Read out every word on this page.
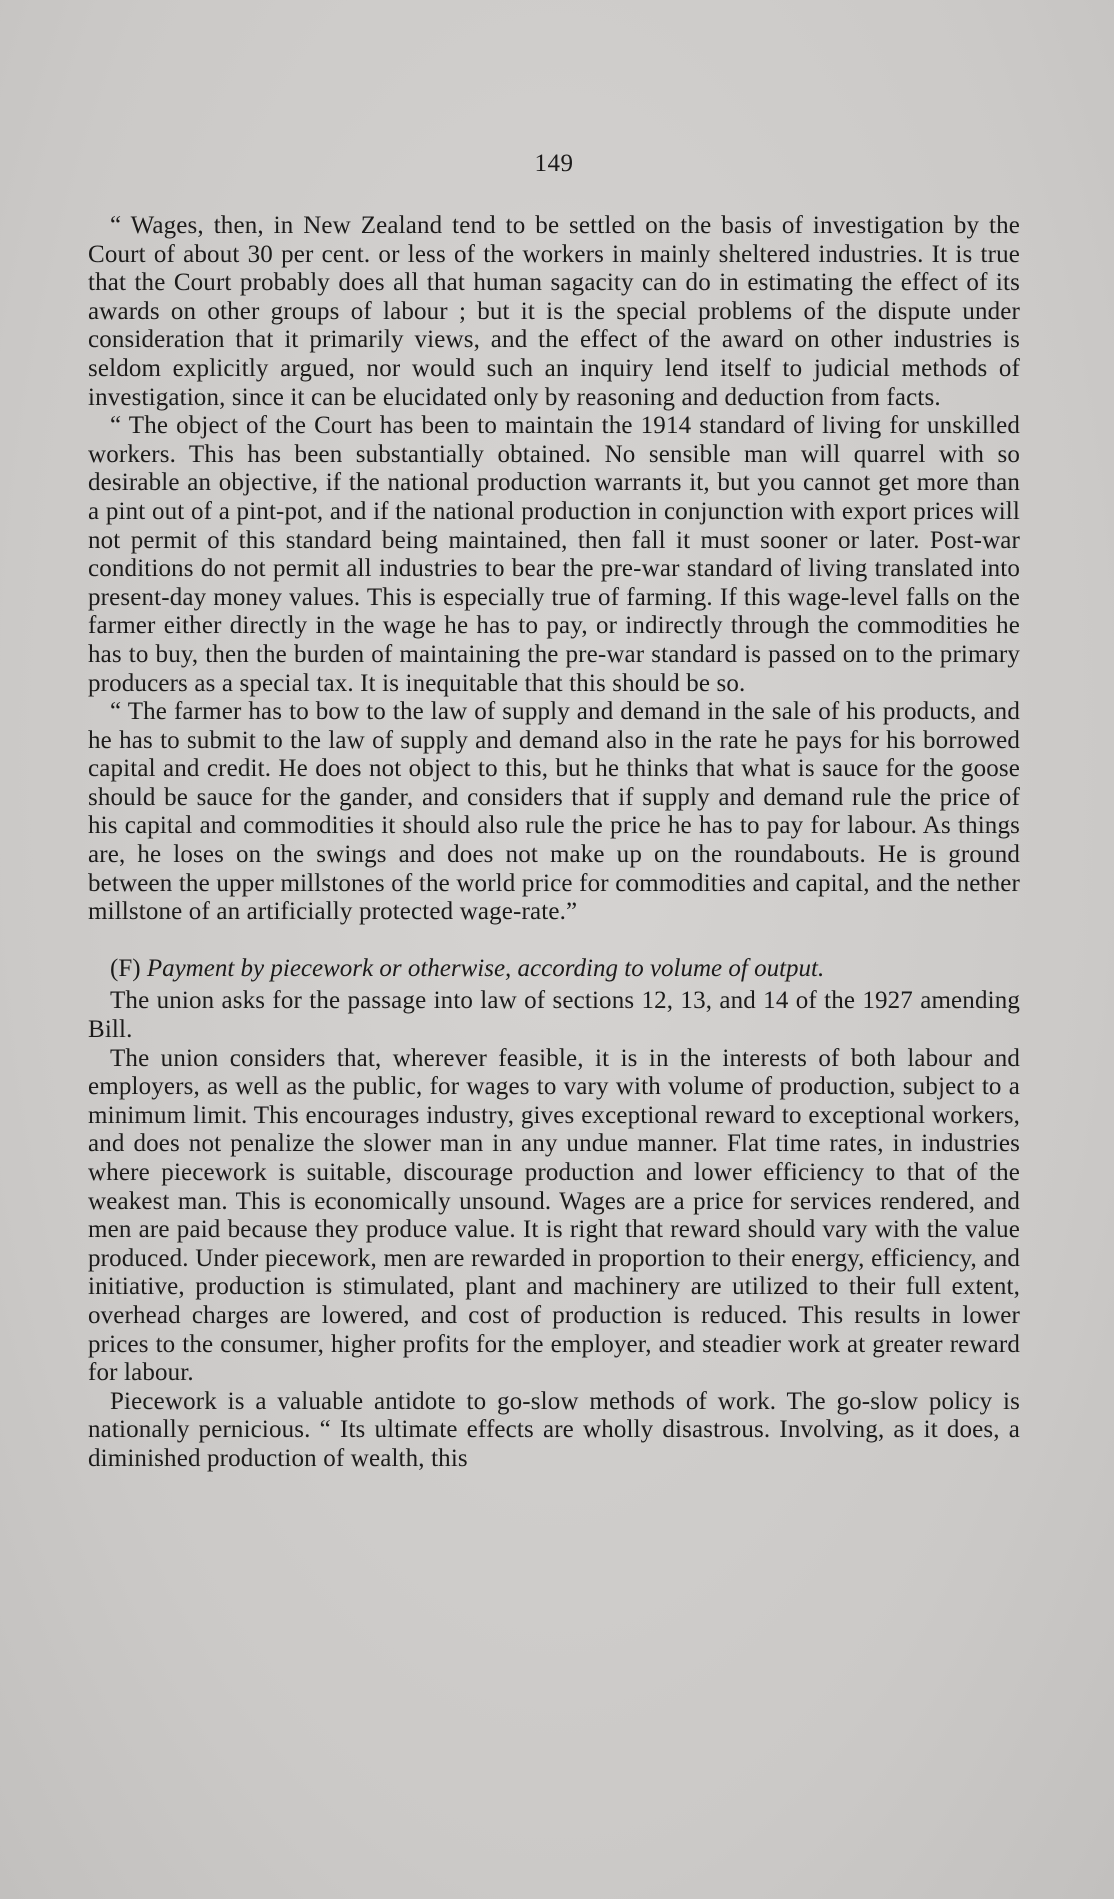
149

“ Wages, then, in New Zealand tend to be settled on the basis of investigation by the Court of about 30 per cent. or less of the workers in mainly sheltered industries. It is true that the Court probably does all that human sagacity can do in estimating the effect of its awards on other groups of labour ; but it is the special problems of the dispute under consideration that it primarily views, and the effect of the award on other industries is seldom explicitly argued, nor would such an inquiry lend itself to judicial methods of investigation, since it can be elucidated only by reasoning and deduction from facts.

“ The object of the Court has been to maintain the 1914 standard of living for unskilled workers. This has been substantially obtained. No sensible man will quarrel with so desirable an objective, if the national production warrants it, but you cannot get more than a pint out of a pint-pot, and if the national production in conjunction with export prices will not permit of this standard being maintained, then fall it must sooner or later. Post-war conditions do not permit all industries to bear the pre-war standard of living translated into present-day money values. This is especially true of farming. If this wage-level falls on the farmer either directly in the wage he has to pay, or indirectly through the commodities he has to buy, then the burden of maintaining the pre-war standard is passed on to the primary producers as a special tax. It is inequitable that this should be so.

“ The farmer has to bow to the law of supply and demand in the sale of his products, and he has to submit to the law of supply and demand also in the rate he pays for his borrowed capital and credit. He does not object to this, but he thinks that what is sauce for the goose should be sauce for the gander, and considers that if supply and demand rule the price of his capital and commodities it should also rule the price he has to pay for labour. As things are, he loses on the swings and does not make up on the roundabouts. He is ground between the upper millstones of the world price for commodities and capital, and the nether millstone of an artificially protected wage-rate.”

(F) Payment by piecework or otherwise, according to volume of output.

The union asks for the passage into law of sections 12, 13, and 14 of the 1927 amending Bill.

The union considers that, wherever feasible, it is in the interests of both labour and employers, as well as the public, for wages to vary with volume of production, subject to a minimum limit. This encourages industry, gives exceptional reward to exceptional workers, and does not penalize the slower man in any undue manner. Flat time rates, in industries where piecework is suitable, discourage production and lower efficiency to that of the weakest man. This is economically unsound. Wages are a price for services rendered, and men are paid because they produce value. It is right that reward should vary with the value produced. Under piecework, men are rewarded in proportion to their energy, efficiency, and initiative, production is stimulated, plant and machinery are utilized to their full extent, overhead charges are lowered, and cost of production is reduced. This results in lower prices to the consumer, higher profits for the employer, and steadier work at greater reward for labour.

Piecework is a valuable antidote to go-slow methods of work. The go-slow policy is nationally pernicious. “ Its ultimate effects are wholly disastrous. Involving, as it does, a diminished production of wealth, this
